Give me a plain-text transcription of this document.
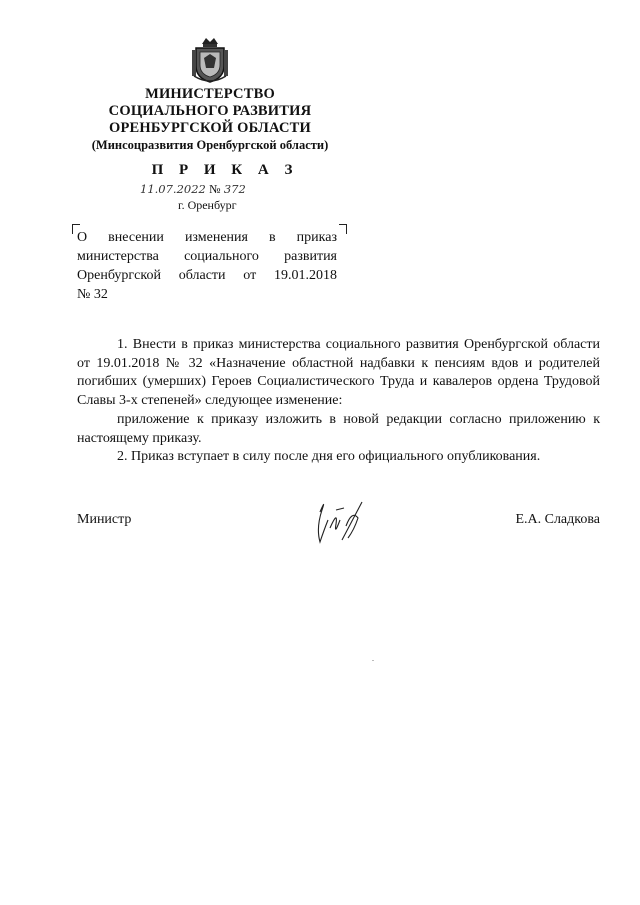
МИНИСТЕРСТВО
СОЦИАЛЬНОГО РАЗВИТИЯ
ОРЕНБУРГСКОЙ ОБЛАСТИ
(Минсоцразвития Оренбургской области)
П Р И К А З
11.07.2022 № 372
г. Оренбург
О внесении изменения в приказ
министерства социального развития
Оренбургской области от 19.01.2018
№ 32

1. Внести в приказ министерства социального развития Оренбургской области от 19.01.2018 № 32 «Назначение областной надбавки к пенсиям вдов и родителей погибших (умерших) Героев Социалистического Труда и кавалеров ордена Трудовой Славы 3-х степеней» следующее изменение:

приложение к приказу изложить в новой редакции согласно приложению к настоящему приказу.

2. Приказ вступает в силу после дня его официального опубликования.

Министр	Е.А. Сладкова
